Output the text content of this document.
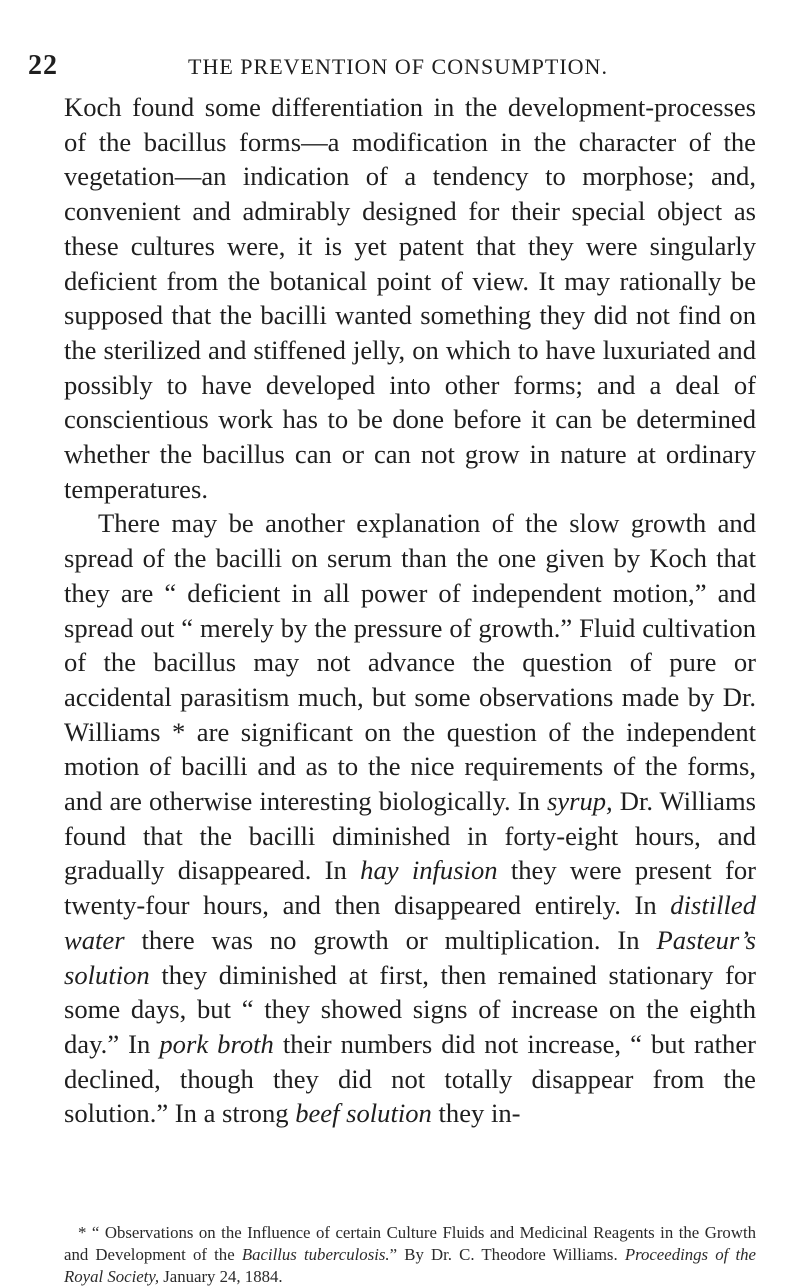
22	THE PREVENTION OF CONSUMPTION.

Koch found some differentiation in the development-processes of the bacillus forms—a modification in the character of the vegetation—an indication of a tendency to morphose; and, convenient and admirably designed for their special object as these cultures were, it is yet patent that they were singularly deficient from the botanical point of view. It may rationally be supposed that the bacilli wanted something they did not find on the sterilized and stiffened jelly, on which to have luxuriated and possibly to have developed into other forms; and a deal of conscientious work has to be done before it can be determined whether the bacillus can or can not grow in nature at ordinary temperatures.

There may be another explanation of the slow growth and spread of the bacilli on serum than the one given by Koch that they are “ deficient in all power of independent motion,” and spread out “ merely by the pressure of growth.” Fluid cultivation of the bacillus may not advance the question of pure or accidental parasitism much, but some observations made by Dr. Williams * are significant on the question of the independent motion of bacilli and as to the nice requirements of the forms, and are otherwise interesting biologically. In syrup, Dr. Williams found that the bacilli diminished in forty-eight hours, and gradually disappeared. In hay infusion they were present for twenty-four hours, and then disappeared entirely. In distilled water there was no growth or multiplication. In Pasteur’s solution they diminished at first, then remained stationary for some days, but “ they showed signs of increase on the eighth day.” In pork broth their numbers did not increase, “ but rather declined, though they did not totally disappear from the solution.” In a strong beef solution they in-

* “ Observations on the Influence of certain Culture Fluids and Medicinal Reagents in the Growth and Development of the Bacillus tuberculosis.” By Dr. C. Theodore Williams. Proceedings of the Royal Society, January 24, 1884.
